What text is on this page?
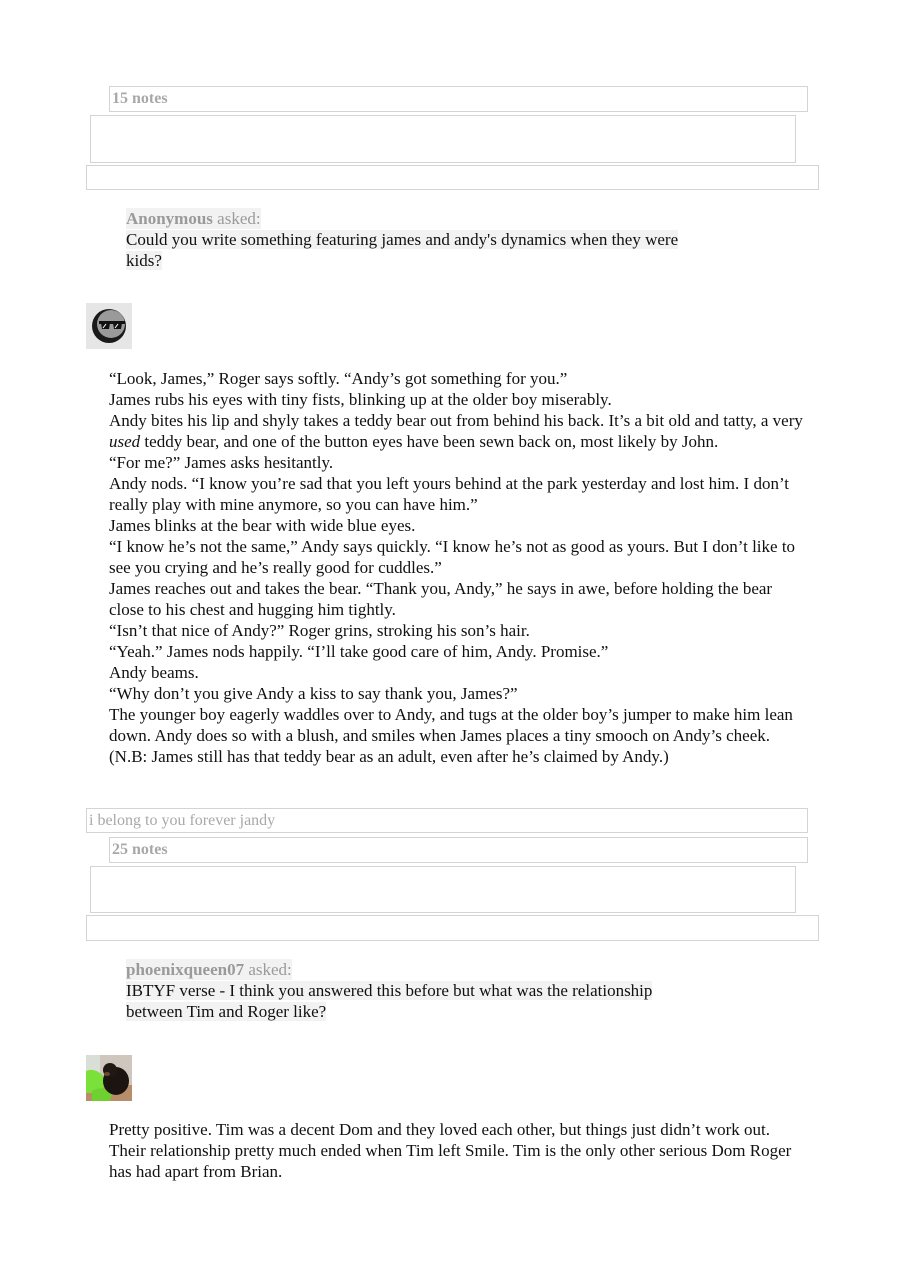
15 notes
Anonymous asked:
Could you write something featuring james and andy's dynamics when they were kids?

“Look, James,” Roger says softly. “Andy’s got something for you.”

James rubs his eyes with tiny fists, blinking up at the older boy miserably.

Andy bites his lip and shyly takes a teddy bear out from behind his back. It’s a bit old and tatty, a very used teddy bear, and one of the button eyes have been sewn back on, most likely by John.

“For me?” James asks hesitantly.

Andy nods. “I know you’re sad that you left yours behind at the park yesterday and lost him. I don’t really play with mine anymore, so you can have him.”

James blinks at the bear with wide blue eyes.

“I know he’s not the same,” Andy says quickly. “I know he’s not as good as yours. But I don’t like to see you crying and he’s really good for cuddles.”

James reaches out and takes the bear. “Thank you, Andy,” he says in awe, before holding the bear close to his chest and hugging him tightly.

“Isn’t that nice of Andy?” Roger grins, stroking his son’s hair.

“Yeah.” James nods happily. “I’ll take good care of him, Andy. Promise.”

Andy beams.

“Why don’t you give Andy a kiss to say thank you, James?”

The younger boy eagerly waddles over to Andy, and tugs at the older boy’s jumper to make him lean down. Andy does so with a blush, and smiles when James places a tiny smooch on Andy’s cheek.

(N.B: James still has that teddy bear as an adult, even after he’s claimed by Andy.)

i belong to you forever jandy
25 notes
phoenixqueen07 asked:
IBTYF verse - I think you answered this before but what was the relationship between Tim and Roger like?

Pretty positive. Tim was a decent Dom and they loved each other, but things just didn’t work out. Their relationship pretty much ended when Tim left Smile. Tim is the only other serious Dom Roger has had apart from Brian.
